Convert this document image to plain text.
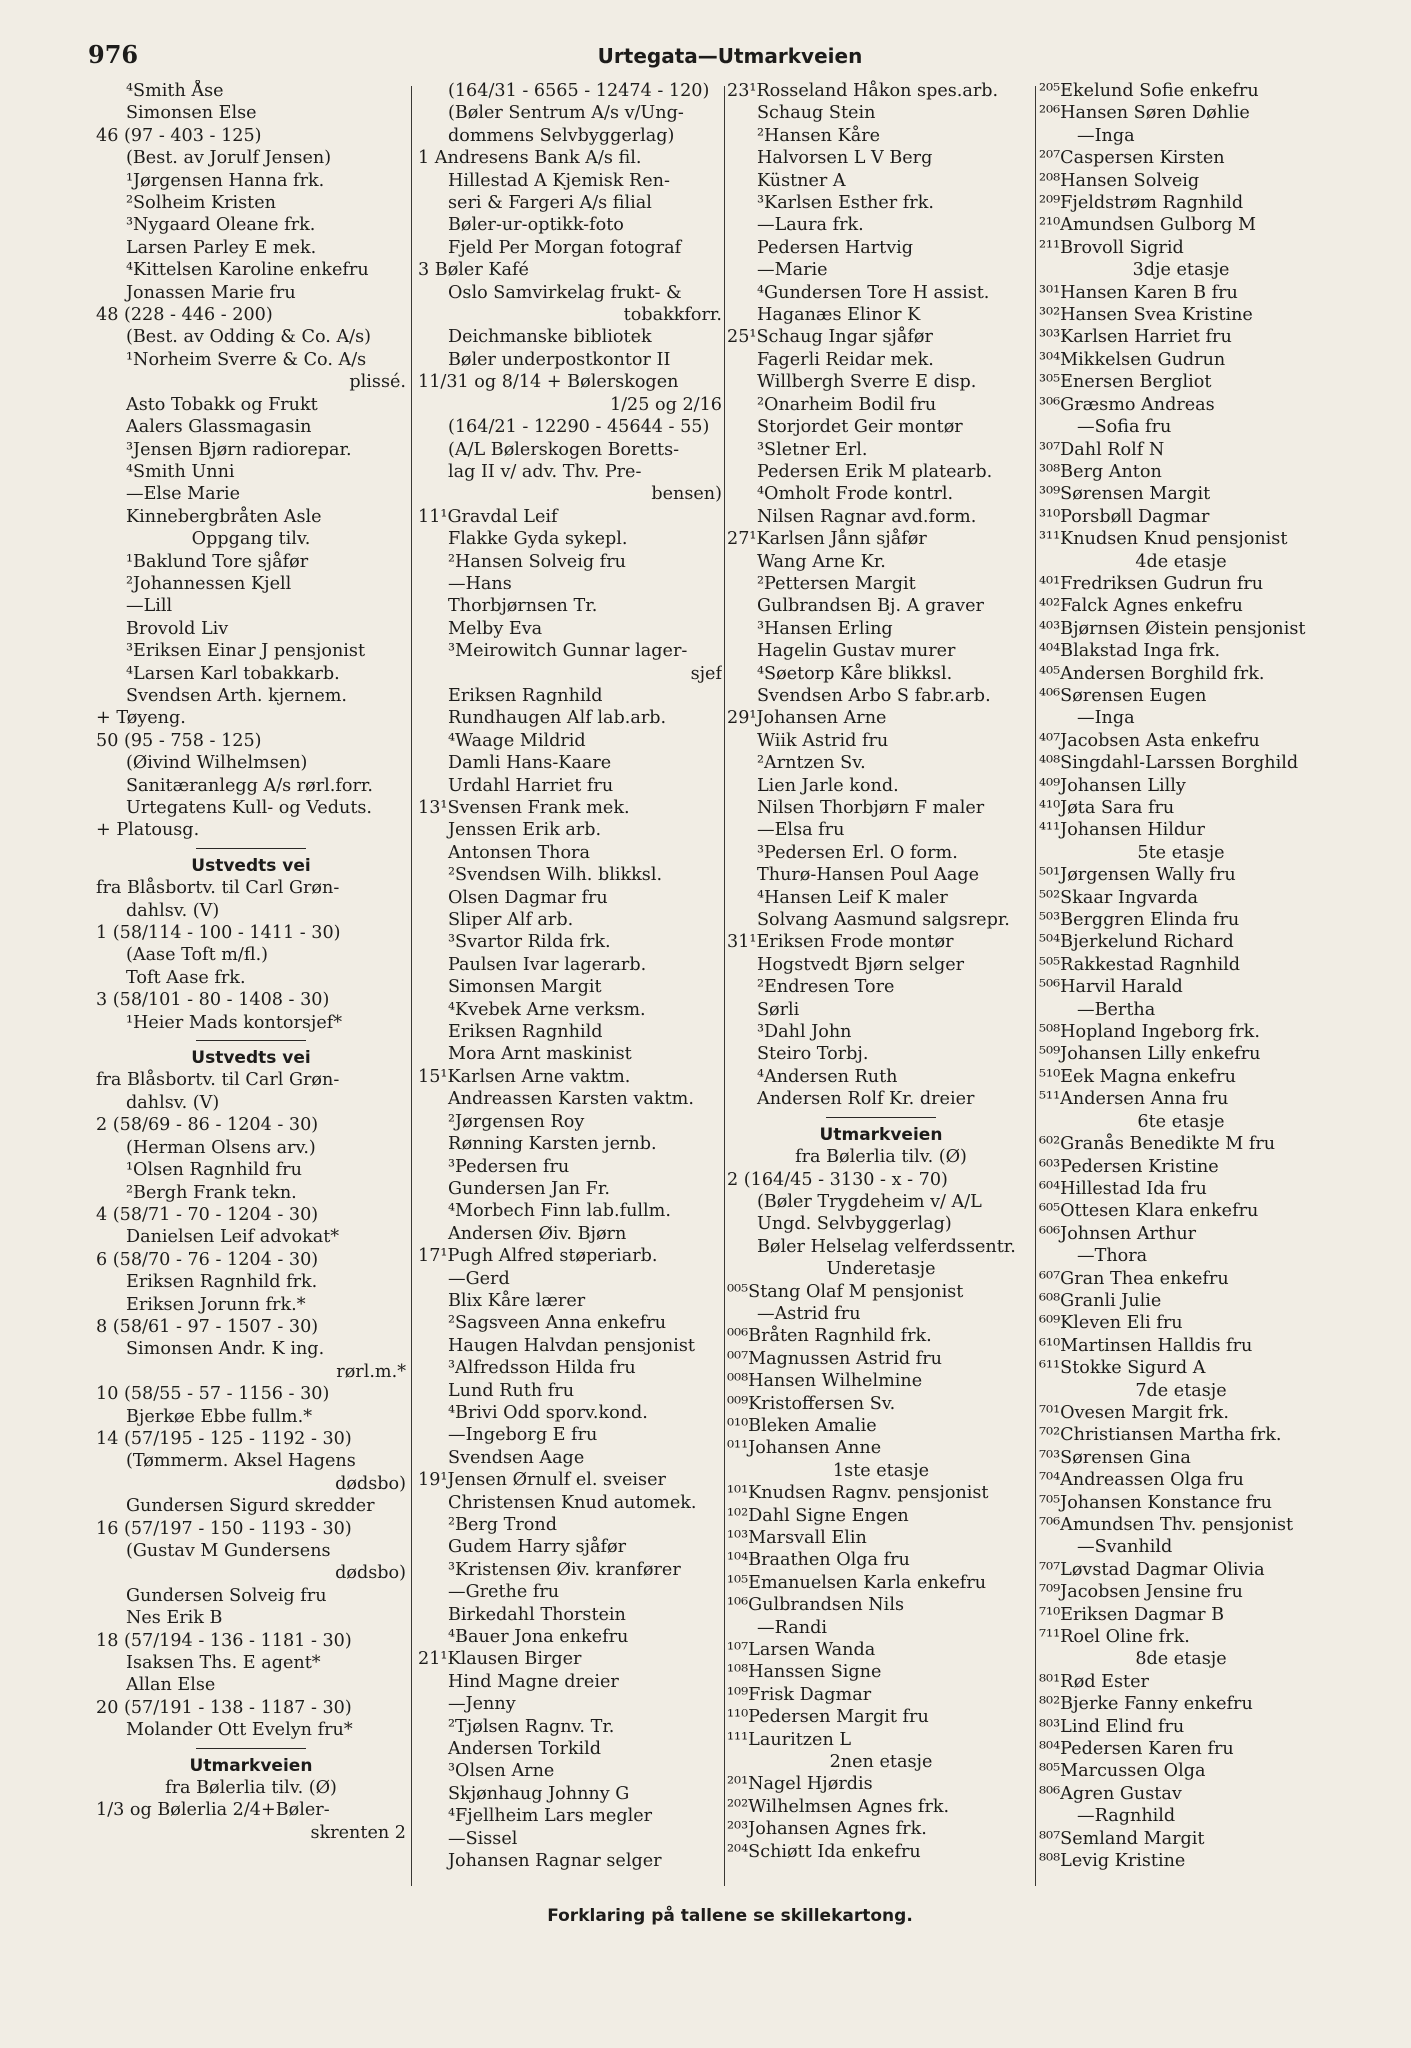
976	Urtegata—Utmarkveien
⁴Smith Åse
Simonsen Else
46 (97 - 403 - 125)
(Best. av Jorulf Jensen)
¹Jørgensen Hanna frk.
²Solheim Kristen
³Nygaard Oleane frk.
Larsen Parley E mek.
⁴Kittelsen Karoline enkefru
Jonassen Marie fru
48 (228 - 446 - 200)
(Best. av Odding & Co. A/s)
¹Norheim Sverre & Co. A/s
plissé.
Asto Tobakk og Frukt
Aalers Glassmagasin
³Jensen Bjørn radiorepar.
⁴Smith Unni
—Else Marie
Kinnebergbråten Asle
Oppgang tilv.
¹Baklund Tore sjåfør
²Johannessen Kjell
—Lill
Brovold Liv
³Eriksen Einar J pensjonist
⁴Larsen Karl tobakkarb.
Svendsen Arth. kjernem.
+ Tøyeng.
50 (95 - 758 - 125)
(Øivind Wilhelmsen)
Sanitæranlegg A/s rørl.forr.
Urtegatens Kull- og Veduts.
+ Platousg.
Ustvedts vei
fra Blåsbortv. til Carl Grøn-
dahlsv. (V)
1 (58/114 - 100 - 1411 - 30)
(Aase Toft m/fl.)
Toft Aase frk.
3 (58/101 - 80 - 1408 - 30)
¹Heier Mads kontorsjef*
Ustvedts vei
fra Blåsbortv. til Carl Grøn-
dahlsv. (V)
2 (58/69 - 86 - 1204 - 30)
(Herman Olsens arv.)
¹Olsen Ragnhild fru
²Bergh Frank tekn.
4 (58/71 - 70 - 1204 - 30)
Danielsen Leif advokat*
6 (58/70 - 76 - 1204 - 30)
Eriksen Ragnhild frk.
Eriksen Jorunn frk.*
8 (58/61 - 97 - 1507 - 30)
Simonsen Andr. K ing.
rørl.m.*
10 (58/55 - 57 - 1156 - 30)
Bjerkøe Ebbe fullm.*
14 (57/195 - 125 - 1192 - 30)
(Tømmerm. Aksel Hagens
dødsbo)
Gundersen Sigurd skredder
16 (57/197 - 150 - 1193 - 30)
(Gustav M Gundersens
dødsbo)
Gundersen Solveig fru
Nes Erik B
18 (57/194 - 136 - 1181 - 30)
Isaksen Ths. E agent*
Allan Else
20 (57/191 - 138 - 1187 - 30)
Molander Ott Evelyn fru*
Utmarkveien
fra Bølerlia tilv. (Ø)
1/3 og Bølerlia 2/4+Bøler-
skrenten 2
(164/31 - 6565 - 12474 - 120)
(Bøler Sentrum A/s v/Ung-
dommens Selvbyggerlag)
1 Andresens Bank A/s fil.
Hillestad A Kjemisk Ren-
seri & Fargeri A/s filial
Bøler-ur-optikk-foto
Fjeld Per Morgan fotograf
3 Bøler Kafé
Oslo Samvirkelag frukt- &
tobakkforr.
Deichmanske bibliotek
Bøler underpostkontor II
11/31 og 8/14 + Bølerskogen
1/25 og 2/16
(164/21 - 12290 - 45644 - 55)
(A/L Bølerskogen Boretts-
lag II v/ adv. Thv. Pre-
bensen)
11¹Gravdal Leif
Flakke Gyda sykepl.
²Hansen Solveig fru
—Hans
Thorbjørnsen Tr.
Melby Eva
³Meirowitch Gunnar lager-
sjef
Eriksen Ragnhild
Rundhaugen Alf lab.arb.
⁴Waage Mildrid
Damli Hans-Kaare
Urdahl Harriet fru
13¹Svensen Frank mek.
Jenssen Erik arb.
Antonsen Thora
²Svendsen Wilh. blikksl.
Olsen Dagmar fru
Sliper Alf arb.
³Svartor Rilda frk.
Paulsen Ivar lagerarb.
Simonsen Margit
⁴Kvebek Arne verksm.
Eriksen Ragnhild
Mora Arnt maskinist
15¹Karlsen Arne vaktm.
Andreassen Karsten vaktm.
²Jørgensen Roy
Rønning Karsten jernb.
³Pedersen fru
Gundersen Jan Fr.
⁴Morbech Finn lab.fullm.
Andersen Øiv. Bjørn
17¹Pugh Alfred støperiarb.
—Gerd
Blix Kåre lærer
²Sagsveen Anna enkefru
Haugen Halvdan pensjonist
³Alfredsson Hilda fru
Lund Ruth fru
⁴Brivi Odd sporv.kond.
—Ingeborg E fru
Svendsen Aage
19¹Jensen Ørnulf el. sveiser
Christensen Knud automek.
²Berg Trond
Gudem Harry sjåfør
³Kristensen Øiv. kranfører
—Grethe fru
Birkedahl Thorstein
⁴Bauer Jona enkefru
21¹Klausen Birger
Hind Magne dreier
—Jenny
²Tjølsen Ragnv. Tr.
Andersen Torkild
³Olsen Arne
Skjønhaug Johnny G
⁴Fjellheim Lars megler
—Sissel
Johansen Ragnar selger
23¹Rosseland Håkon spes.arb.
Schaug Stein
²Hansen Kåre
Halvorsen L V Berg
Küstner A
³Karlsen Esther frk.
—Laura frk.
Pedersen Hartvig
—Marie
⁴Gundersen Tore H assist.
Haganæs Elinor K
25¹Schaug Ingar sjåfør
Fagerli Reidar mek.
Willbergh Sverre E disp.
²Onarheim Bodil fru
Storjordet Geir montør
³Sletner Erl.
Pedersen Erik M platearb.
⁴Omholt Frode kontrl.
Nilsen Ragnar avd.form.
27¹Karlsen Jånn sjåfør
Wang Arne Kr.
²Pettersen Margit
Gulbrandsen Bj. A graver
³Hansen Erling
Hagelin Gustav murer
⁴Søetorp Kåre blikksl.
Svendsen Arbo S fabr.arb.
29¹Johansen Arne
Wiik Astrid fru
²Arntzen Sv.
Lien Jarle kond.
Nilsen Thorbjørn F maler
—Elsa fru
³Pedersen Erl. O form.
Thurø-Hansen Poul Aage
⁴Hansen Leif K maler
Solvang Aasmund salgsrepr.
31¹Eriksen Frode montør
Hogstvedt Bjørn selger
²Endresen Tore
Sørli
³Dahl John
Steiro Torbj.
⁴Andersen Ruth
Andersen Rolf Kr. dreier
Utmarkveien
fra Bølerlia tilv. (Ø)
2 (164/45 - 3130 - x - 70)
(Bøler Trygdeheim v/ A/L
Ungd. Selvbyggerlag)
Bøler Helselag velferdssentr.
Underetasje
⁰⁰⁵Stang Olaf M pensjonist
—Astrid fru
⁰⁰⁶Bråten Ragnhild frk.
⁰⁰⁷Magnussen Astrid fru
⁰⁰⁸Hansen Wilhelmine
⁰⁰⁹Kristoffersen Sv.
⁰¹⁰Bleken Amalie
⁰¹¹Johansen Anne
1ste etasje
¹⁰¹Knudsen Ragnv. pensjonist
¹⁰²Dahl Signe Engen
¹⁰³Marsvall Elin
¹⁰⁴Braathen Olga fru
¹⁰⁵Emanuelsen Karla enkefru
¹⁰⁶Gulbrandsen Nils
—Randi
¹⁰⁷Larsen Wanda
¹⁰⁸Hanssen Signe
¹⁰⁹Frisk Dagmar
¹¹⁰Pedersen Margit fru
¹¹¹Lauritzen L
2nen etasje
²⁰¹Nagel Hjørdis
²⁰²Wilhelmsen Agnes frk.
²⁰³Johansen Agnes frk.
²⁰⁴Schiøtt Ida enkefru
²⁰⁵Ekelund Sofie enkefru
²⁰⁶Hansen Søren Døhlie
—Inga
²⁰⁷Caspersen Kirsten
²⁰⁸Hansen Solveig
²⁰⁹Fjeldstrøm Ragnhild
²¹⁰Amundsen Gulborg M
²¹¹Brovoll Sigrid
3dje etasje
³⁰¹Hansen Karen B fru
³⁰²Hansen Svea Kristine
³⁰³Karlsen Harriet fru
³⁰⁴Mikkelsen Gudrun
³⁰⁵Enersen Bergliot
³⁰⁶Græsmo Andreas
—Sofia fru
³⁰⁷Dahl Rolf N
³⁰⁸Berg Anton
³⁰⁹Sørensen Margit
³¹⁰Porsbøll Dagmar
³¹¹Knudsen Knud pensjonist
4de etasje
⁴⁰¹Fredriksen Gudrun fru
⁴⁰²Falck Agnes enkefru
⁴⁰³Bjørnsen Øistein pensjonist
⁴⁰⁴Blakstad Inga frk.
⁴⁰⁵Andersen Borghild frk.
⁴⁰⁶Sørensen Eugen
—Inga
⁴⁰⁷Jacobsen Asta enkefru
⁴⁰⁸Singdahl-Larssen Borghild
⁴⁰⁹Johansen Lilly
⁴¹⁰Jøta Sara fru
⁴¹¹Johansen Hildur
5te etasje
⁵⁰¹Jørgensen Wally fru
⁵⁰²Skaar Ingvarda
⁵⁰³Berggren Elinda fru
⁵⁰⁴Bjerkelund Richard
⁵⁰⁵Rakkestad Ragnhild
⁵⁰⁶Harvil Harald
—Bertha
⁵⁰⁸Hopland Ingeborg frk.
⁵⁰⁹Johansen Lilly enkefru
⁵¹⁰Eek Magna enkefru
⁵¹¹Andersen Anna fru
6te etasje
⁶⁰²Granås Benedikte M fru
⁶⁰³Pedersen Kristine
⁶⁰⁴Hillestad Ida fru
⁶⁰⁵Ottesen Klara enkefru
⁶⁰⁶Johnsen Arthur
—Thora
⁶⁰⁷Gran Thea enkefru
⁶⁰⁸Granli Julie
⁶⁰⁹Kleven Eli fru
⁶¹⁰Martinsen Halldis fru
⁶¹¹Stokke Sigurd A
7de etasje
⁷⁰¹Ovesen Margit frk.
⁷⁰²Christiansen Martha frk.
⁷⁰³Sørensen Gina
⁷⁰⁴Andreassen Olga fru
⁷⁰⁵Johansen Konstance fru
⁷⁰⁶Amundsen Thv. pensjonist
—Svanhild
⁷⁰⁷Løvstad Dagmar Olivia
⁷⁰⁹Jacobsen Jensine fru
⁷¹⁰Eriksen Dagmar B
⁷¹¹Roel Oline frk.
8de etasje
⁸⁰¹Rød Ester
⁸⁰²Bjerke Fanny enkefru
⁸⁰³Lind Elind fru
⁸⁰⁴Pedersen Karen fru
⁸⁰⁵Marcussen Olga
⁸⁰⁶Agren Gustav
—Ragnhild
⁸⁰⁷Semland Margit
⁸⁰⁸Levig Kristine
Forklaring på tallene se skillekartong.
